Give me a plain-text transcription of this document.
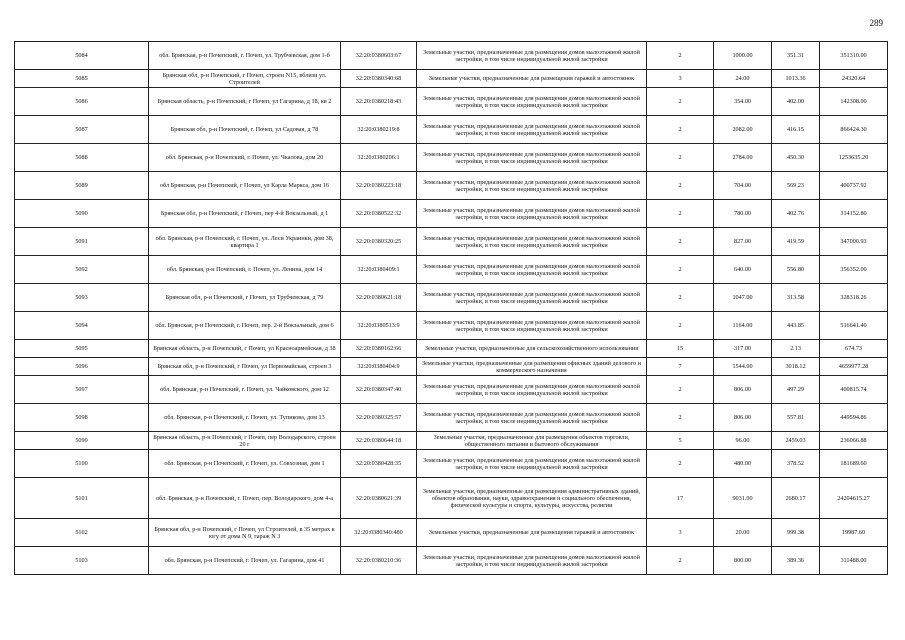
289
5084	обл. Брянская, р-н Почепский, г. Почеп, ул. Трубчевская, дом 1-б	32:20:0380603:67	Земельные участки, предназначенные для размещения домов малоэтажной жилой застройки, в том числе индивидуальной жилой застройки	2	1000.00	351.31	351310.00
5085	Брянская обл, р-н Почепский, г Почеп, строен N15, вблизи ул. Строителей	32:20:0380340:68	Земельные участки, предназначенные для размещения гаражей и автостоянок	3	24.00	1013.36	24320.64
5086	Брянская область, р-н Почепский, г Почеп, ул Гагарина, д 18, кв 2	32:20:0380218:43	Земельные участки, предназначенные для размещения домов малоэтажной жилой застройки, в том числе индивидуальной жилой застройки	2	354.00	402.00	142308.00
5087	Брянская обл, р-н Почепский, г. Почеп, ул Садовая, д 78	32:20:0380219:8	Земельные участки, предназначенные для размещения домов малоэтажной жилой застройки, в том числе индивидуальной жилой застройки	2	2082.00	416.15	866424.30
5088	обл. Брянская, р-н Почепский, г. Почеп, ул. Чкалова, дом 20	32:20:0380206:1	Земельные участки, предназначенные для размещения домов малоэтажной жилой застройки, в том числе индивидуальной жилой застройки	2	2784.00	450.30	1253635.20
5089	обл Брянская, р-н Почепский, г Почеп, ул Карла Маркса, дом 16	32:20:0380223:18	Земельные участки, предназначенные для размещения домов малоэтажной жилой застройки, в том числе индивидуальной жилой застройки	2	704.00	569.23	400737.92
5090	Брянская обл, р-н Почепский, г Почеп, пер 4-й Вокзальный, д 1	32:20:0380522:32	Земельные участки, предназначенные для размещения домов малоэтажной жилой застройки, в том числе индивидуальной жилой застройки	2	780.00	402.76	314152.80
5091	обл. Брянская, р-н Почепский, г. Почеп, ул. Леси Украинки, дом 38, квартира 1	32:20:0380320:25	Земельные участки, предназначенные для размещения домов малоэтажной жилой застройки, в том числе индивидуальной жилой застройки	2	827.00	419.59	347000.93
5092	обл. Брянская, р-н Почепский, г. Почеп, ул. Ленина, дом 14	32:20:0380409:1	Земельные участки, предназначенные для размещения домов малоэтажной жилой застройки, в том числе индивидуальной жилой застройки	2	640.00	556.80	356352.00
5093	Брянская обл, р-н Почепский, г Почеп, ул Трубчевская, д 79	32:20:0380621:18	Земельные участки, предназначенные для размещения домов малоэтажной жилой застройки, в том числе индивидуальной жилой застройки	2	1047.00	313.58	328318.26
5094	обл. Брянская, р-н Почепский, г. Почеп, пер. 2-й Вокзальный, дом 6	32:20:0380513:9	Земельные участки, предназначенные для размещения домов малоэтажной жилой застройки, в том числе индивидуальной жилой застройки	2	1164.00	443.85	516641.40
5095	Брянская область, р-н Почепский, г Почеп, ул Красноармейская, д 38	32:20:0380162:66	Земельные участки, предназначенные для сельскохозяйственного использования	15	317.00	2.13	674.73
5096	Брянская обл, р-н Почепский, г Почеп, ул Первомайская, строен 3	32:20:0380404:9	Земельные участки, предназначенные для размещения офисных зданий делового и коммерческого назначения	7	1544.00	3018.12	4659977.28
5097	обл. Брянская, р-н Почепский, г. Почеп, ул. Чайковского, дом 12	32:20:0380347:40	Земельные участки, предназначенные для размещения домов малоэтажной жилой застройки, в том числе индивидуальной жилой застройки	2	806.00	497.29	400815.74
5098	обл. Брянская, р-н Почепский, г. Почеп, ул. Тупикова, дом 13	32:20:0380325:57	Земельные участки, предназначенные для размещения домов малоэтажной жилой застройки, в том числе индивидуальной жилой застройки	2	806.00	557.81	449594.86
5099	Брянская область, р-н Почепский, г Почеп, пер Володарского, строен 20 г	32:20:0380644:18	Земельные участки, предназначенные для размещения объектов торговли, общественного питания и бытового обслуживания	5	96.00	2459.03	236066.88
5100	обл. Брянская, р-н Почепский, г. Почеп, ул. Совхозная, дом 1	32:20:0380428:35	Земельные участки, предназначенные для размещения домов малоэтажной жилой застройки, в том числе индивидуальной жилой застройки	2	480.00	378.52	181689.60
5101	обл. Брянская, р-н Почепский, г. Почеп, пер. Володарского, дом 4-а	32:20:0380621:39	Земельные участки, предназначенные для размещения административных зданий, объектов образования, науки, здравоохранения и социального обеспечения, физической культуры и спорта, культуры, искусства, религии	17	9031.00	2680.17	24204615.27
5102	Брянская обл, р-н Почепский, г Почеп, ул Строителей, в 35 метрах к югу от дома N 9, гараж N 3	32:20:0380340:480	Земельные участки, предназначенные для размещения гаражей и автостоянок	3	20.00	999.38	19987.60
5103	обл. Брянская, р-н Почепский, г. Почеп, ул. Гагарина, дом 41	32:20:0380210:36	Земельные участки, предназначенные для размещения домов малоэтажной жилой застройки, в том числе индивидуальной жилой застройки	2	800.00	389.36	311488.00
